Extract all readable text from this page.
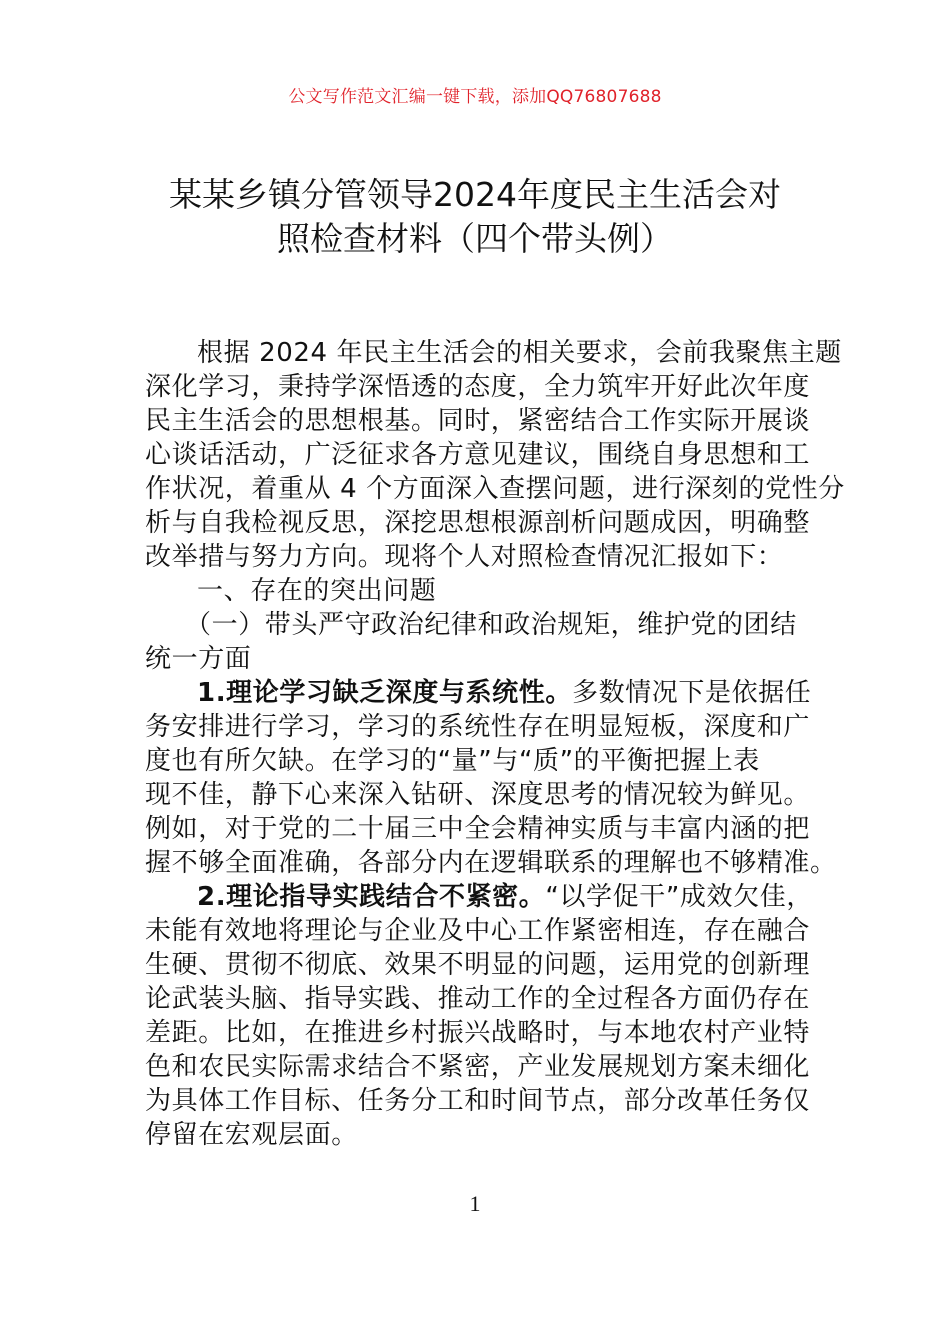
公文写作范文汇编一键下载，添加QQ76807688
某某乡镇分管领导2024年度民主生活会对
照检查材料（四个带头例）
根据 2024 年民主生活会的相关要求，会前我聚焦主题
深化学习，秉持学深悟透的态度，全力筑牢开好此次年度
民主生活会的思想根基。同时，紧密结合工作实际开展谈
心谈话活动，广泛征求各方意见建议，围绕自身思想和工
作状况，着重从 4 个方面深入查摆问题，进行深刻的党性分
析与自我检视反思，深挖思想根源剖析问题成因，明确整
改举措与努力方向。现将个人对照检查情况汇报如下：
一、存在的突出问题
（一）带头严守政治纪律和政治规矩，维护党的团结
统一方面
1.理论学习缺乏深度与系统性。多数情况下是依据任
务安排进行学习，学习的系统性存在明显短板，深度和广
度也有所欠缺。在学习的“量”与“质”的平衡把握上表
现不佳，静下心来深入钻研、深度思考的情况较为鲜见。
例如，对于党的二十届三中全会精神实质与丰富内涵的把
握不够全面准确，各部分内在逻辑联系的理解也不够精准。
2.理论指导实践结合不紧密。“以学促干”成效欠佳，
未能有效地将理论与企业及中心工作紧密相连，存在融合
生硬、贯彻不彻底、效果不明显的问题，运用党的创新理
论武装头脑、指导实践、推动工作的全过程各方面仍存在
差距。比如，在推进乡村振兴战略时，与本地农村产业特
色和农民实际需求结合不紧密，产业发展规划方案未细化
为具体工作目标、任务分工和时间节点，部分改革任务仅
停留在宏观层面。
1
